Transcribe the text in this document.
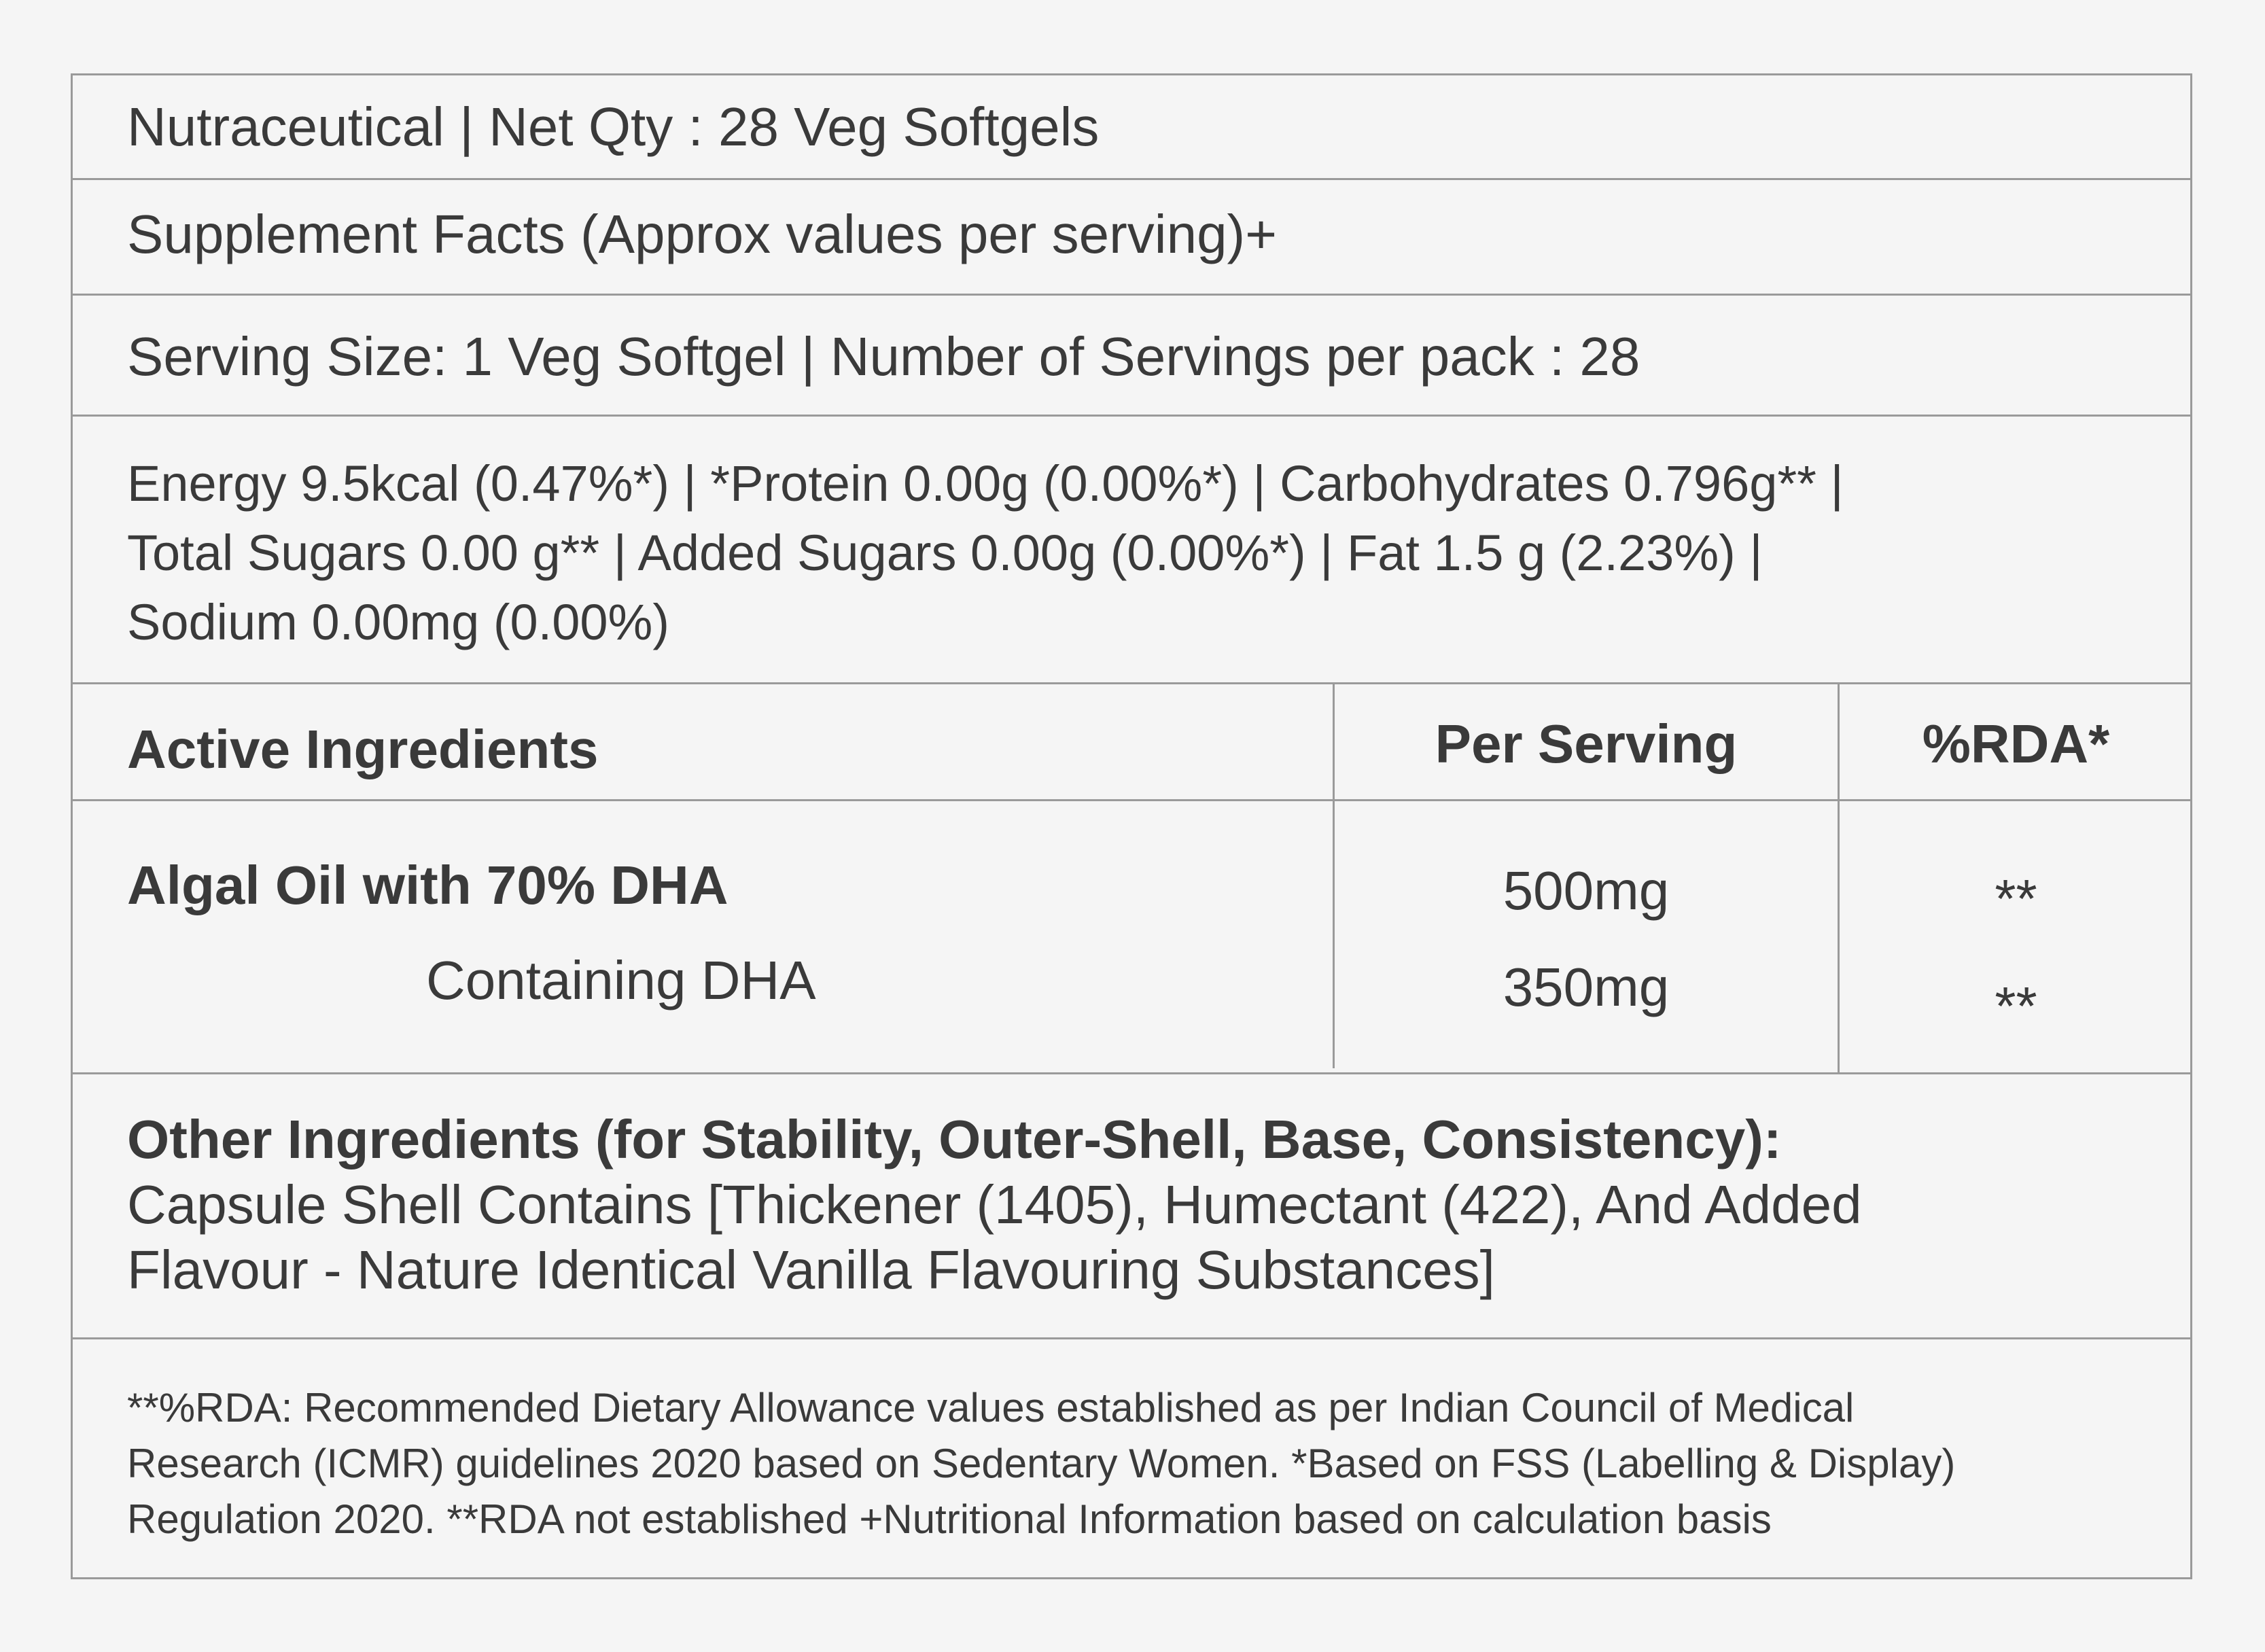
Nutraceutical | Net Qty : 28 Veg Softgels
Supplement Facts (Approx values per serving)+
Serving Size: 1 Veg Softgel | Number of Servings per pack : 28
Energy 9.5kcal (0.47%*) | *Protein 0.00g (0.00%*) | Carbohydrates 0.796g** |
Total Sugars 0.00 g** | Added Sugars 0.00g (0.00%*) | Fat 1.5 g (2.23%) |
Sodium 0.00mg (0.00%)
Active Ingredients	Per Serving	%RDA*
Algal Oil with 70% DHA
Containing DHA
500mg
350mg
**
**
Other Ingredients (for Stability, Outer-Shell, Base, Consistency):
Capsule Shell Contains [Thickener (1405), Humectant (422), And Added
Flavour - Nature Identical Vanilla Flavouring Substances]
**%RDA: Recommended Dietary Allowance values established as per Indian Council of Medical
Research (ICMR) guidelines 2020 based on Sedentary Women. *Based on FSS (Labelling & Display)
Regulation 2020. **RDA not established +Nutritional Information based on calculation basis
